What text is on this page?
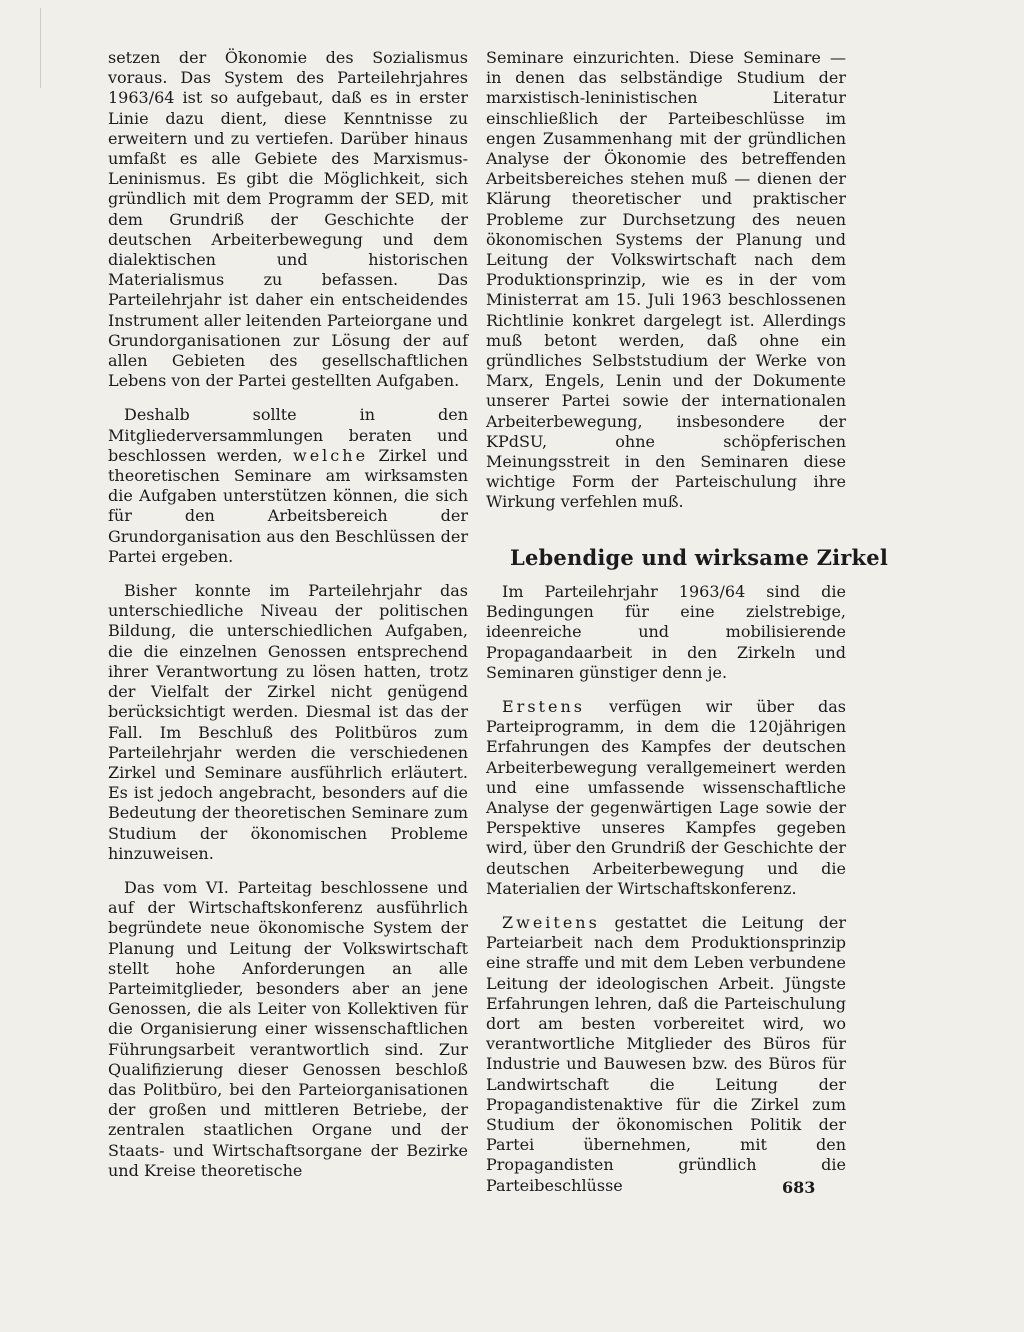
setzen der Ökonomie des Sozialismus voraus. Das System des Parteilehrjahres 1963/64 ist so aufgebaut, daß es in erster Linie dazu dient, diese Kenntnisse zu erweitern und zu vertiefen. Darüber hinaus umfaßt es alle Gebiete des Marxismus-Leninismus. Es gibt die Möglichkeit, sich gründlich mit dem Programm der SED, mit dem Grundriß der Geschichte der deutschen Arbeiterbewegung und dem dialektischen und historischen Materialismus zu befassen. Das Parteilehrjahr ist daher ein entscheidendes Instrument aller leitenden Parteiorgane und Grundorganisationen zur Lösung der auf allen Gebieten des gesellschaftlichen Lebens von der Partei gestellten Aufgaben.

Deshalb sollte in den Mitgliederversammlungen beraten und beschlossen werden, welche Zirkel und theoretischen Seminare am wirksamsten die Aufgaben unterstützen können, die sich für den Arbeitsbereich der Grundorganisation aus den Beschlüssen der Partei ergeben.

Bisher konnte im Parteilehrjahr das unterschiedliche Niveau der politischen Bildung, die unterschiedlichen Aufgaben, die die einzelnen Genossen entsprechend ihrer Verantwortung zu lösen hatten, trotz der Vielfalt der Zirkel nicht genügend berücksichtigt werden. Diesmal ist das der Fall. Im Beschluß des Politbüros zum Parteilehrjahr werden die verschiedenen Zirkel und Seminare ausführlich erläutert. Es ist jedoch angebracht, besonders auf die Bedeutung der theoretischen Seminare zum Studium der ökonomischen Probleme hinzuweisen.

Das vom VI. Parteitag beschlossene und auf der Wirtschaftskonferenz ausführlich begründete neue ökonomische System der Planung und Leitung der Volkswirtschaft stellt hohe Anforderungen an alle Parteimitglieder, besonders aber an jene Genossen, die als Leiter von Kollektiven für die Organisierung einer wissenschaftlichen Führungsarbeit verantwortlich sind. Zur Qualifizierung dieser Genossen beschloß das Politbüro, bei den Parteiorganisationen der großen und mittleren Betriebe, der zentralen staatlichen Organe und der Staats- und Wirtschaftsorgane der Bezirke und Kreise theoretische

Seminare einzurichten. Diese Seminare — in denen das selbständige Studium der marxistisch-leninistischen Literatur einschließlich der Parteibeschlüsse im engen Zusammenhang mit der gründlichen Analyse der Ökonomie des betreffenden Arbeitsbereiches stehen muß — dienen der Klärung theoretischer und praktischer Probleme zur Durchsetzung des neuen ökonomischen Systems der Planung und Leitung der Volkswirtschaft nach dem Produktionsprinzip, wie es in der vom Ministerrat am 15. Juli 1963 beschlossenen Richtlinie konkret dargelegt ist. Allerdings muß betont werden, daß ohne ein gründliches Selbststudium der Werke von Marx, Engels, Lenin und der Dokumente unserer Partei sowie der internationalen Arbeiterbewegung, insbesondere der KPdSU, ohne schöpferischen Meinungsstreit in den Seminaren diese wichtige Form der Parteischulung ihre Wirkung verfehlen muß.

Lebendige und wirksame Zirkel

Im Parteilehrjahr 1963/64 sind die Bedingungen für eine zielstrebige, ideenreiche und mobilisierende Propagandaarbeit in den Zirkeln und Seminaren günstiger denn je.

Erstens verfügen wir über das Parteiprogramm, in dem die 120jährigen Erfahrungen des Kampfes der deutschen Arbeiterbewegung verallgemeinert werden und eine umfassende wissenschaftliche Analyse der gegenwärtigen Lage sowie der Perspektive unseres Kampfes gegeben wird, über den Grundriß der Geschichte der deutschen Arbeiterbewegung und die Materialien der Wirtschaftskonferenz.

Zweitens gestattet die Leitung der Parteiarbeit nach dem Produktionsprinzip eine straffe und mit dem Leben verbundene Leitung der ideologischen Arbeit. Jüngste Erfahrungen lehren, daß die Parteischulung dort am besten vorbereitet wird, wo verantwortliche Mitglieder des Büros für Industrie und Bauwesen bzw. des Büros für Landwirtschaft die Leitung der Propagandistenaktive für die Zirkel zum Studium der ökonomischen Politik der Partei übernehmen, mit den Propagandisten gründlich die Parteibeschlüsse	683
